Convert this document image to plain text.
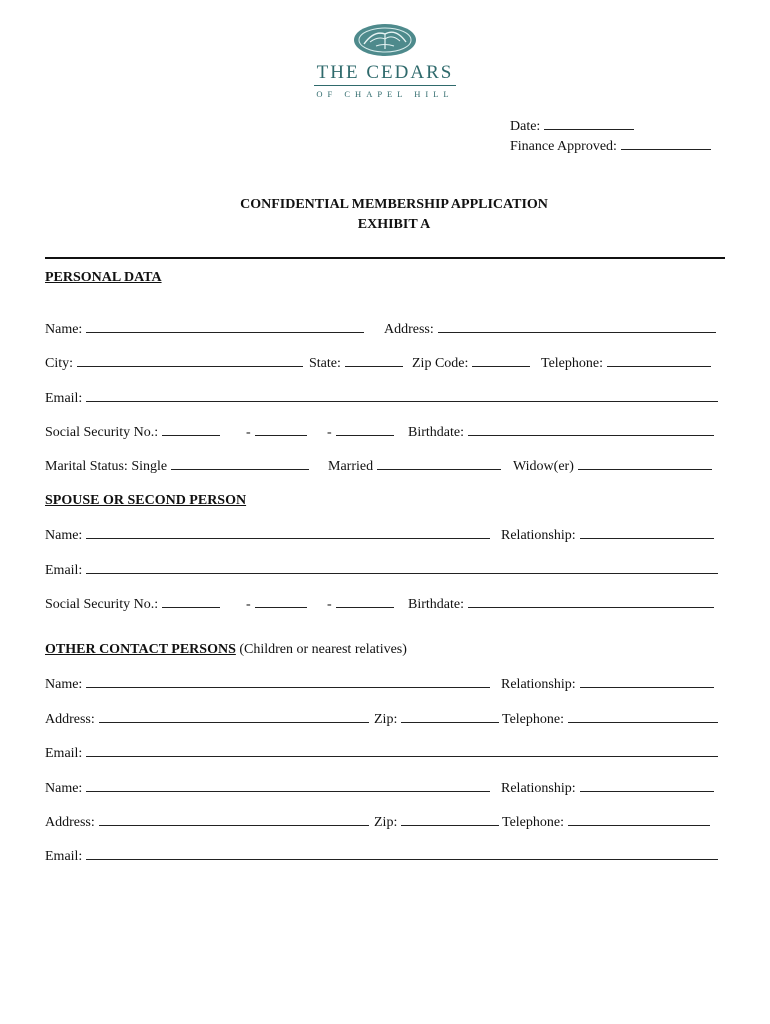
THE CEDARS
OF CHAPEL HILL
Date:
Finance Approved:
CONFIDENTIAL MEMBERSHIP APPLICATION
EXHIBIT A
PERSONAL DATA
Name:	Address:
City:	State:	Zip Code:	Telephone:
Email:
Social Security No.:	-	-	Birthdate:
Marital Status: Single	Married	Widow(er)
SPOUSE OR SECOND PERSON
Name:	Relationship:
Email:
Social Security No.:	-	-	Birthdate:
OTHER CONTACT PERSONS (Children or nearest relatives)
Name:	Relationship:
Address:	Zip:	Telephone:
Email:
Name:	Relationship:
Address:	Zip:	Telephone:
Email:
